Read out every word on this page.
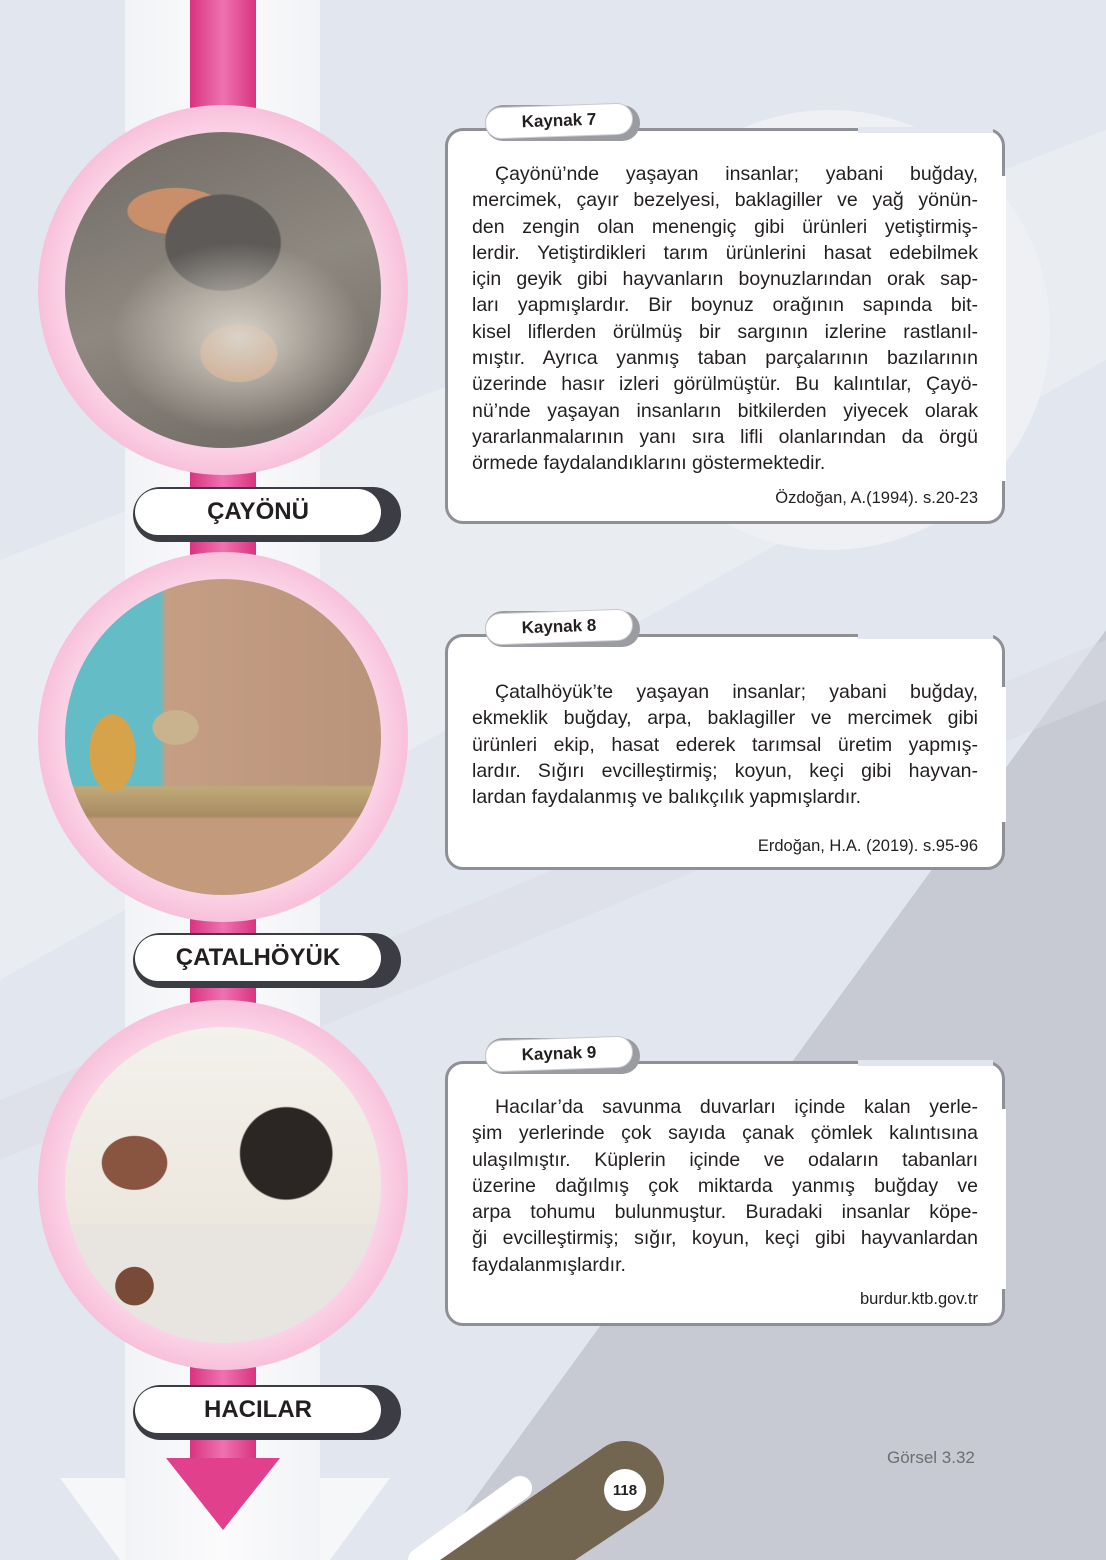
ÇAYÖNÜ
ÇATALHÖYÜK
HACILAR
Kaynak 7
Çayönü’nde yaşayan insanlar; yabani buğday,
mercimek, çayır bezelyesi, baklagiller ve yağ yönün-
den zengin olan menengiç gibi ürünleri yetiştirmiş-
lerdir. Yetiştirdikleri tarım ürünlerini hasat edebilmek
için geyik gibi hayvanların boynuzlarından orak sap-
ları yapmışlardır. Bir boynuz orağının sapında bit-
kisel liflerden örülmüş bir sargının izlerine rastlanıl-
mıştır. Ayrıca yanmış taban parçalarının bazılarının
üzerinde hasır izleri görülmüştür. Bu kalıntılar, Çayö-
nü’nde yaşayan insanların bitkilerden yiyecek olarak
yararlanmalarının yanı sıra lifli olanlarından da örgü
örmede faydalandıklarını göstermektedir.
Özdoğan, A.(1994). s.20-23
Kaynak 8
Çatalhöyük’te yaşayan insanlar; yabani buğday,
ekmeklik buğday, arpa, baklagiller ve mercimek gibi
ürünleri ekip, hasat ederek tarımsal üretim yapmış-
lardır. Sığırı evcilleştirmiş; koyun, keçi gibi hayvan-
lardan faydalanmış ve balıkçılık yapmışlardır.
Erdoğan, H.A. (2019). s.95-96
Kaynak 9
Hacılar’da savunma duvarları içinde kalan yerle-
şim yerlerinde çok sayıda çanak çömlek kalıntısına
ulaşılmıştır. Küplerin içinde ve odaların tabanları
üzerine dağılmış çok miktarda yanmış buğday ve
arpa tohumu bulunmuştur. Buradaki insanlar köpe-
ği evcilleştirmiş; sığır, koyun, keçi gibi hayvanlardan
faydalanmışlardır.
burdur.ktb.gov.tr
Görsel 3.32
118
